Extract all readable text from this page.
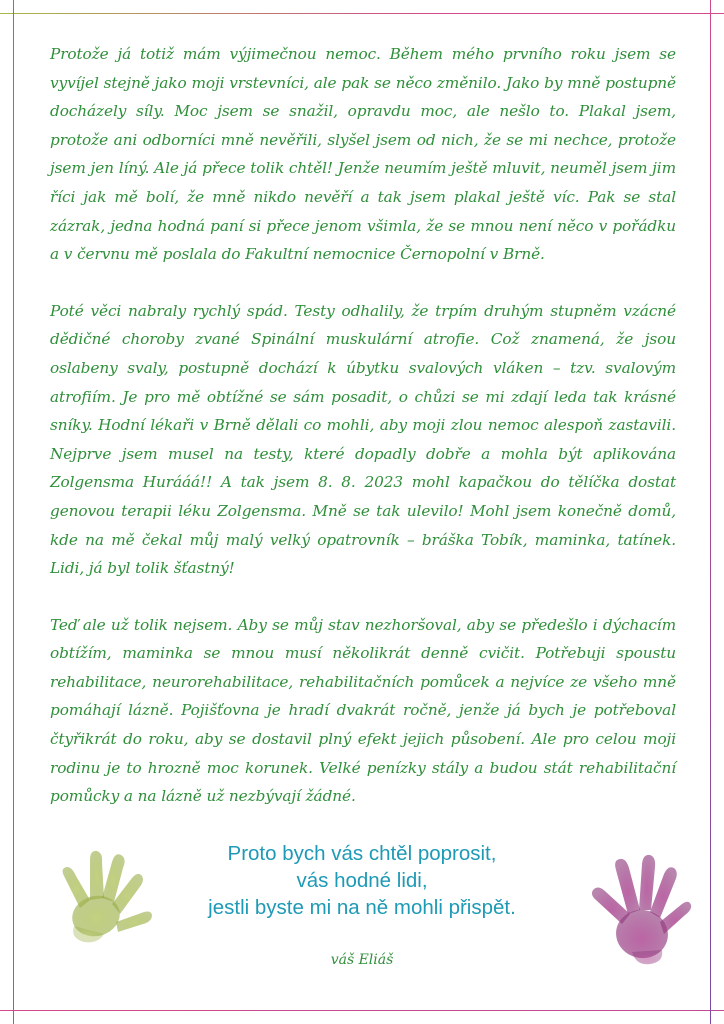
Protože já totiž mám výjimečnou nemoc. Během mého prvního roku jsem se vyvíjel stejně jako moji vrstevníci, ale pak se něco změnilo. Jako by mně postupně docházely síly. Moc jsem se snažil, opravdu moc, ale nešlo to. Plakal jsem, protože ani odborníci mně nevěřili, slyšel jsem od nich, že se mi nechce, protože jsem jen líný. Ale já přece tolik chtěl! Jenže neumím ještě mluvit, neuměl jsem jim říci jak mě bolí, že mně nikdo nevěří a tak jsem plakal ještě víc. Pak se stal zázrak, jedna hodná paní si přece jenom všimla, že se mnou není něco v pořádku a v červnu mě poslala do Fakultní nemocnice Černopolní v Brně.

Poté věci nabraly rychlý spád. Testy odhalily, že trpím druhým stupněm vzácné dědičné choroby zvané Spinální muskulární atrofie. Což znamená, že jsou oslabeny svaly, postupně dochází k úbytku svalových vláken – tzv. svalovým atrofiím. Je pro mě obtížné se sám posadit, o chůzi se mi zdají leda tak krásné sníky. Hodní lékaři v Brně dělali co mohli, aby moji zlou nemoc alespoň zastavili. Nejprve jsem musel na testy, které dopadly dobře a mohla být aplikována Zolgensma Hurááá!! A tak jsem 8. 8. 2023 mohl kapačkou do tělíčka dostat genovou terapii léku Zolgensma. Mně se tak ulevilo! Mohl jsem konečně domů, kde na mě čekal můj malý velký opatrovník – bráška Tobík, maminka, tatínek. Lidi, já byl tolik šťastný!

Teď ale už tolik nejsem. Aby se můj stav nezhoršoval, aby se předešlo i dýchacím obtížím, maminka se mnou musí několikrát denně cvičit. Potřebuji spoustu rehabilitace, neurorehabilitace, rehabilitačních pomůcek a nejvíce ze všeho mně pomáhají lázně. Pojišťovna je hradí dvakrát ročně, jenže já bych je potřeboval čtyřikrát do roku, aby se dostavil plný efekt jejich působení. Ale pro celou moji rodinu je to hrozně moc korunek. Velké penízky stály a budou stát rehabilitační pomůcky a na lázně už nezbývají žádné.

Proto bych vás chtěl poprosit,
vás hodné lidi,
jestli byste mi na ně mohli přispět.
váš Eliáš
